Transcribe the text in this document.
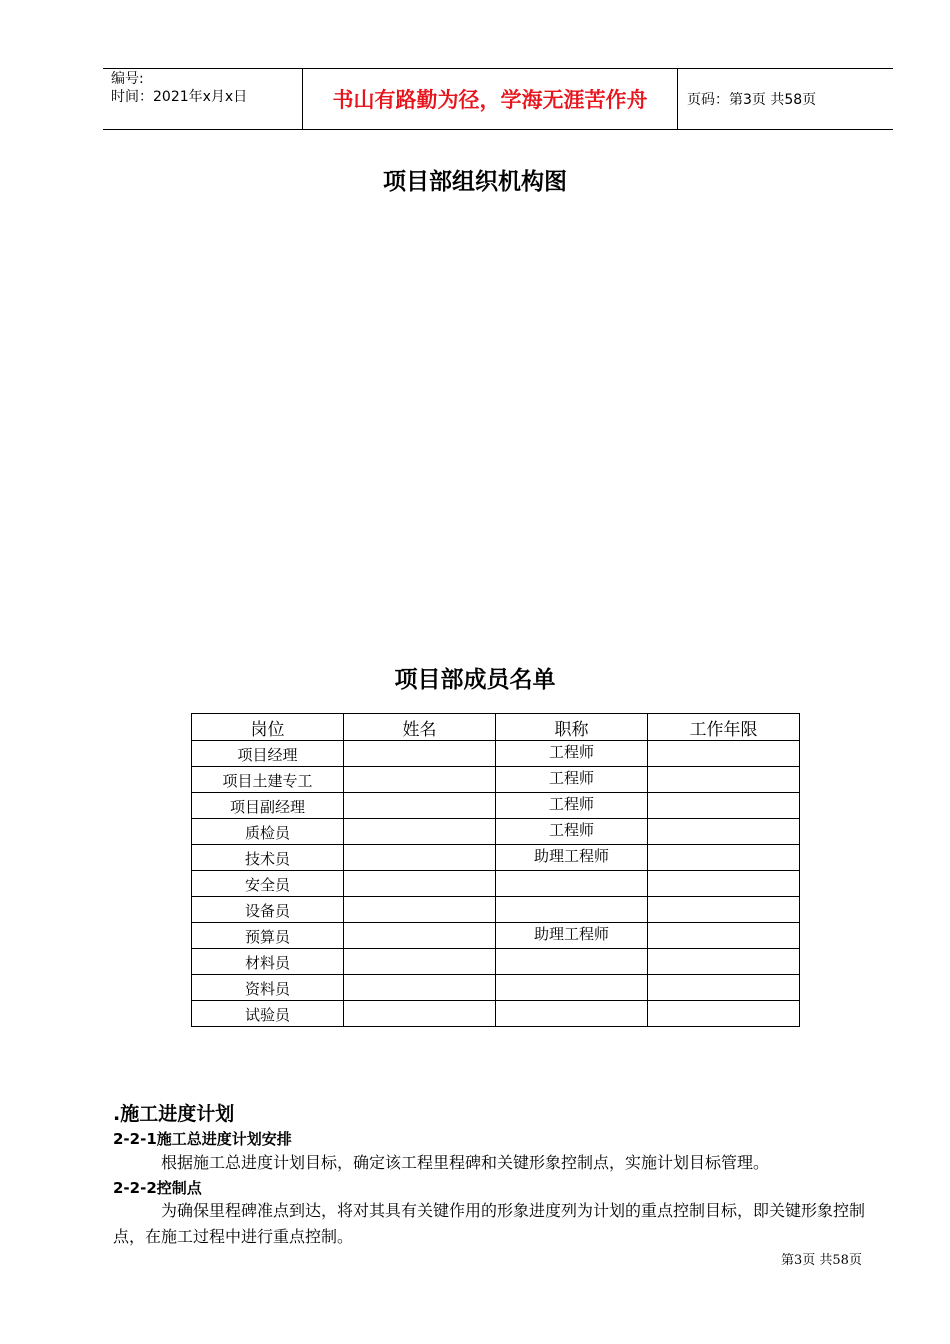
编号:
时间：2021年x月x日	书山有路勤为径，学海无涯苦作舟	页码：第3页 共58页
项目部组织机构图
项目部成员名单
岗位	姓名	职称	工作年限
项目经理		工程师	
项目土建专工		工程师	
项目副经理		工程师	
质检员		工程师	
技术员		助理工程师	
安全员			
设备员			
预算员		助理工程师	
材料员			
资料员			
试验员			
.施工进度计划
2-2-1施工总进度计划安排
根据施工总进度计划目标，确定该工程里程碑和关键形象控制点，实施计划目标管理。
2-2-2控制点
为确保里程碑准点到达，将对其具有关键作用的形象进度列为计划的重点控制目标，即关键形象控制点，在施工过程中进行重点控制。
第3页 共58页
